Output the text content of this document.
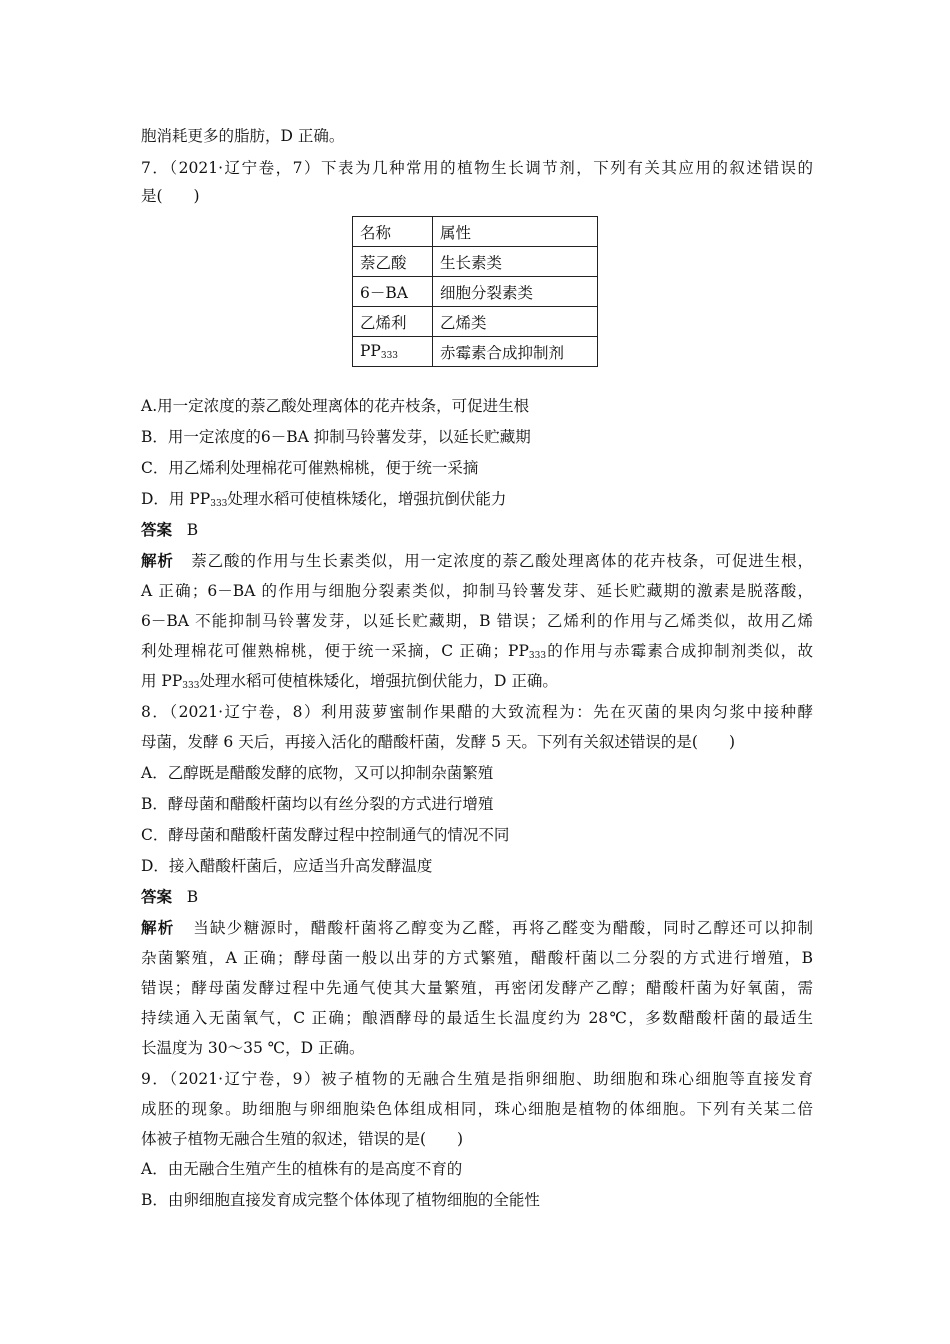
胞消耗更多的脂肪，D 正确。
7．（2021·辽宁卷，7）下表为几种常用的植物生长调节剂，下列有关其应用的叙述错误的
是(　　)
名称	属性
萘乙酸	生长素类
6－BA	细胞分裂素类
乙烯利	乙烯类
$PP_{333}$	赤霉素合成抑制剂
A.用一定浓度的萘乙酸处理离体的花卉枝条，可促进生根
B．用一定浓度的6－BA 抑制马铃薯发芽，以延长贮藏期
C．用乙烯利处理棉花可催熟棉桃，便于统一采摘
D．用 $PP_{333}$处理水稻可使植株矮化，增强抗倒伏能力
答案 B
解析 萘乙酸的作用与生长素类似，用一定浓度的萘乙酸处理离体的花卉枝条，可促进生根，
A 正确；6－BA 的作用与细胞分裂素类似，抑制马铃薯发芽、延长贮藏期的激素是脱落酸，
6－BA 不能抑制马铃薯发芽，以延长贮藏期，B 错误；乙烯利的作用与乙烯类似，故用乙烯
利处理棉花可催熟棉桃，便于统一采摘，C 正确；$PP_{333}$的作用与赤霉素合成抑制剂类似，故
用 $PP_{333}$处理水稻可使植株矮化，增强抗倒伏能力，D 正确。
8．（2021·辽宁卷，8）利用菠萝蜜制作果醋的大致流程为：先在灭菌的果肉匀浆中接种酵
母菌，发酵 6 天后，再接入活化的醋酸杆菌，发酵 5 天。下列有关叙述错误的是(　　)
A．乙醇既是醋酸发酵的底物，又可以抑制杂菌繁殖
B．酵母菌和醋酸杆菌均以有丝分裂的方式进行增殖
C．酵母菌和醋酸杆菌发酵过程中控制通气的情况不同
D．接入醋酸杆菌后，应适当升高发酵温度
答案 B
解析 当缺少糖源时，醋酸杆菌将乙醇变为乙醛，再将乙醛变为醋酸，同时乙醇还可以抑制
杂菌繁殖，A 正确；酵母菌一般以出芽的方式繁殖，醋酸杆菌以二分裂的方式进行增殖，B
错误；酵母菌发酵过程中先通气使其大量繁殖，再密闭发酵产乙醇；醋酸杆菌为好氧菌，需
持续通入无菌氧气，C 正确；酿酒酵母的最适生长温度约为 28℃，多数醋酸杆菌的最适生
长温度为 30～35 ℃，D 正确。
9．（2021·辽宁卷，9）被子植物的无融合生殖是指卵细胞、助细胞和珠心细胞等直接发育
成胚的现象。助细胞与卵细胞染色体组成相同，珠心细胞是植物的体细胞。下列有关某二倍
体被子植物无融合生殖的叙述，错误的是(　　)
A．由无融合生殖产生的植株有的是高度不育的
B．由卵细胞直接发育成完整个体体现了植物细胞的全能性
